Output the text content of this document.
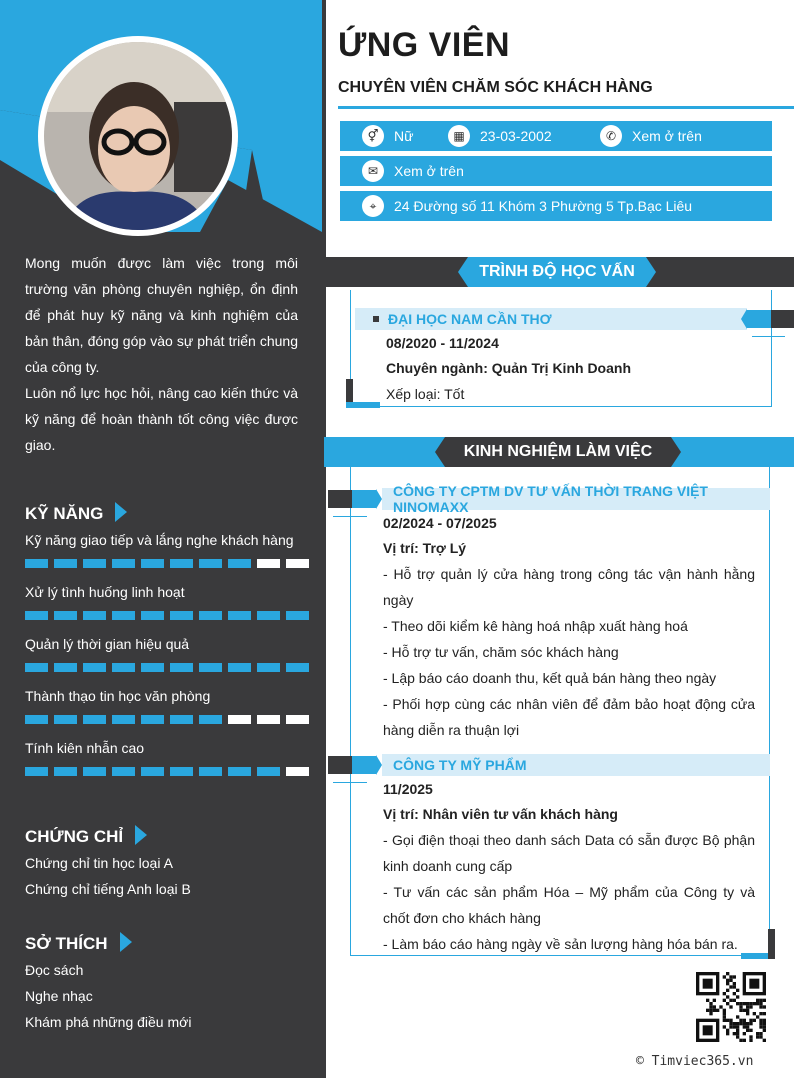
Mong muốn được làm việc trong môi trường văn phòng chuyên nghiệp, ổn định để phát huy kỹ năng và kinh nghiệm của bản thân, đóng góp vào sự phát triển chung của công ty.

Luôn nổ lực học hỏi, nâng cao kiến thức và kỹ năng để hoàn thành tốt công việc được giao.

KỸ NĂNG
Kỹ năng giao tiếp và lắng nghe khách hàng
Xử lý tình huống linh hoạt
Quản lý thời gian hiệu quả
Thành thạo tin học văn phòng
Tính kiên nhẫn cao
CHỨNG CHỈ
Chứng chỉ tin học loại A
Chứng chỉ tiếng Anh loại B
SỞ THÍCH
Đọc sách
Nghe nhạc
Khám phá những điều mới
ỨNG VIÊN
CHUYÊN VIÊN CHĂM SÓC KHÁCH HÀNG
⚥	Nữ	▦	23-03-2002	✆	Xem ở trên
✉	Xem ở trên
⌖	24 Đường số 11 Khóm 3 Phường 5 Tp.Bạc Liêu
TRÌNH ĐỘ HỌC VẤN
ĐẠI HỌC NAM CẦN THƠ
08/2020 - 11/2024
Chuyên ngành: Quản Trị Kinh Doanh
Xếp loại: Tốt
KINH NGHIỆM LÀM VIỆC
CÔNG TY CPTM DV TƯ VẤN THỜI TRANG VIỆT NINOMAXX
02/2024 - 07/2025
Vị trí: Trợ Lý
- Hỗ trợ quản lý cửa hàng trong công tác vận hành hằng ngày
- Theo dõi kiểm kê hàng hoá nhập xuất hàng hoá
- Hỗ trợ tư vấn, chăm sóc khách hàng
- Lập báo cáo doanh thu, kết quả bán hàng theo ngày
- Phối hợp cùng các nhân viên để đảm bảo hoạt động cửa hàng diễn ra thuận lợi
CÔNG TY MỸ PHẨM
11/2025
Vị trí: Nhân viên tư vấn khách hàng
- Gọi điện thoại theo danh sách Data có sẵn được Bộ phận kinh doanh cung cấp
- Tư vấn các sản phẩm Hóa – Mỹ phẩm của Công ty và chốt đơn cho khách hàng
- Làm báo cáo hàng ngày về sản lượng hàng hóa bán ra.
© Timviec365.vn
